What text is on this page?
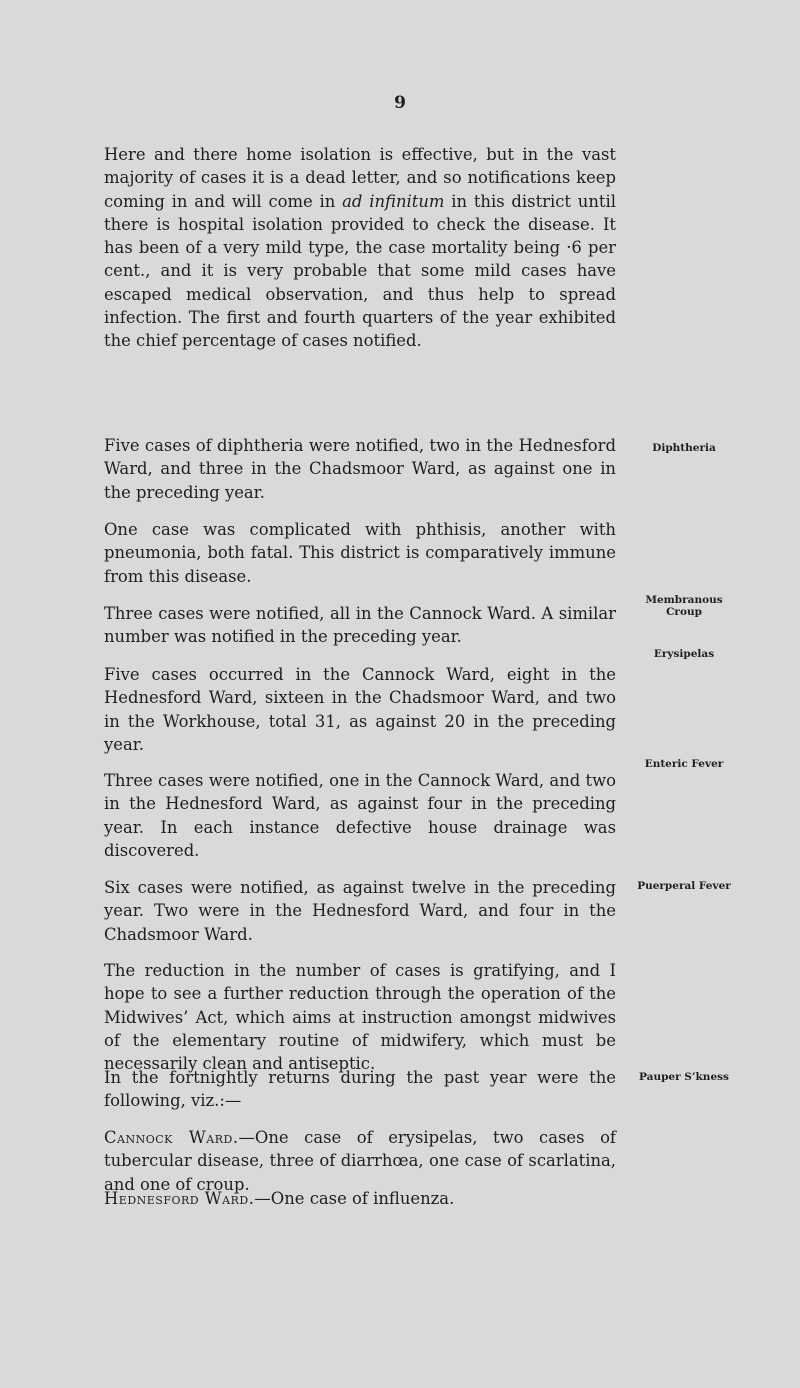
9

Here and there home isolation is effective, but in the vast majority of cases it is a dead letter, and so notifications keep coming in and will come in ad infinitum in this district until there is hospital isolation provided to check the disease. It has been of a very mild type, the case mortality being ·6 per cent., and it is very probable that some mild cases have escaped medical observation, and thus help to spread infection. The first and fourth quarters of the year exhibited the chief percentage of cases notified.

Five cases of diphtheria were notified, two in the Hednesford Ward, and three in the Chadsmoor Ward, as against one in the preceding year.

One case was complicated with phthisis, another with pneumonia, both fatal. This district is comparatively immune from this disease.

Three cases were notified, all in the Cannock Ward. A similar number was notified in the preceding year.

Five cases occurred in the Cannock Ward, eight in the Hednesford Ward, sixteen in the Chadsmoor Ward, and two in the Workhouse, total 31, as against 20 in the preceding year.

Three cases were notified, one in the Cannock Ward, and two in the Hednesford Ward, as against four in the preceding year. In each instance defective house drainage was discovered.

Six cases were notified, as against twelve in the preceding year. Two were in the Hednesford Ward, and four in the Chadsmoor Ward.

The reduction in the number of cases is gratifying, and I hope to see a further reduction through the operation of the Midwives’ Act, which aims at instruction amongst midwives of the elementary routine of midwifery, which must be necessarily clean and antiseptic.

In the fortnightly returns during the past year were the following, viz.:—

Cannock Ward.—One case of erysipelas, two cases of tubercular disease, three of diarrhœa, one case of scarlatina, and one of croup.

Hednesford Ward.—One case of influenza.

Diphtheria
Membranous
Croup
Erysipelas
Enteric Fever
Puerperal Fever
Pauper S’kness
